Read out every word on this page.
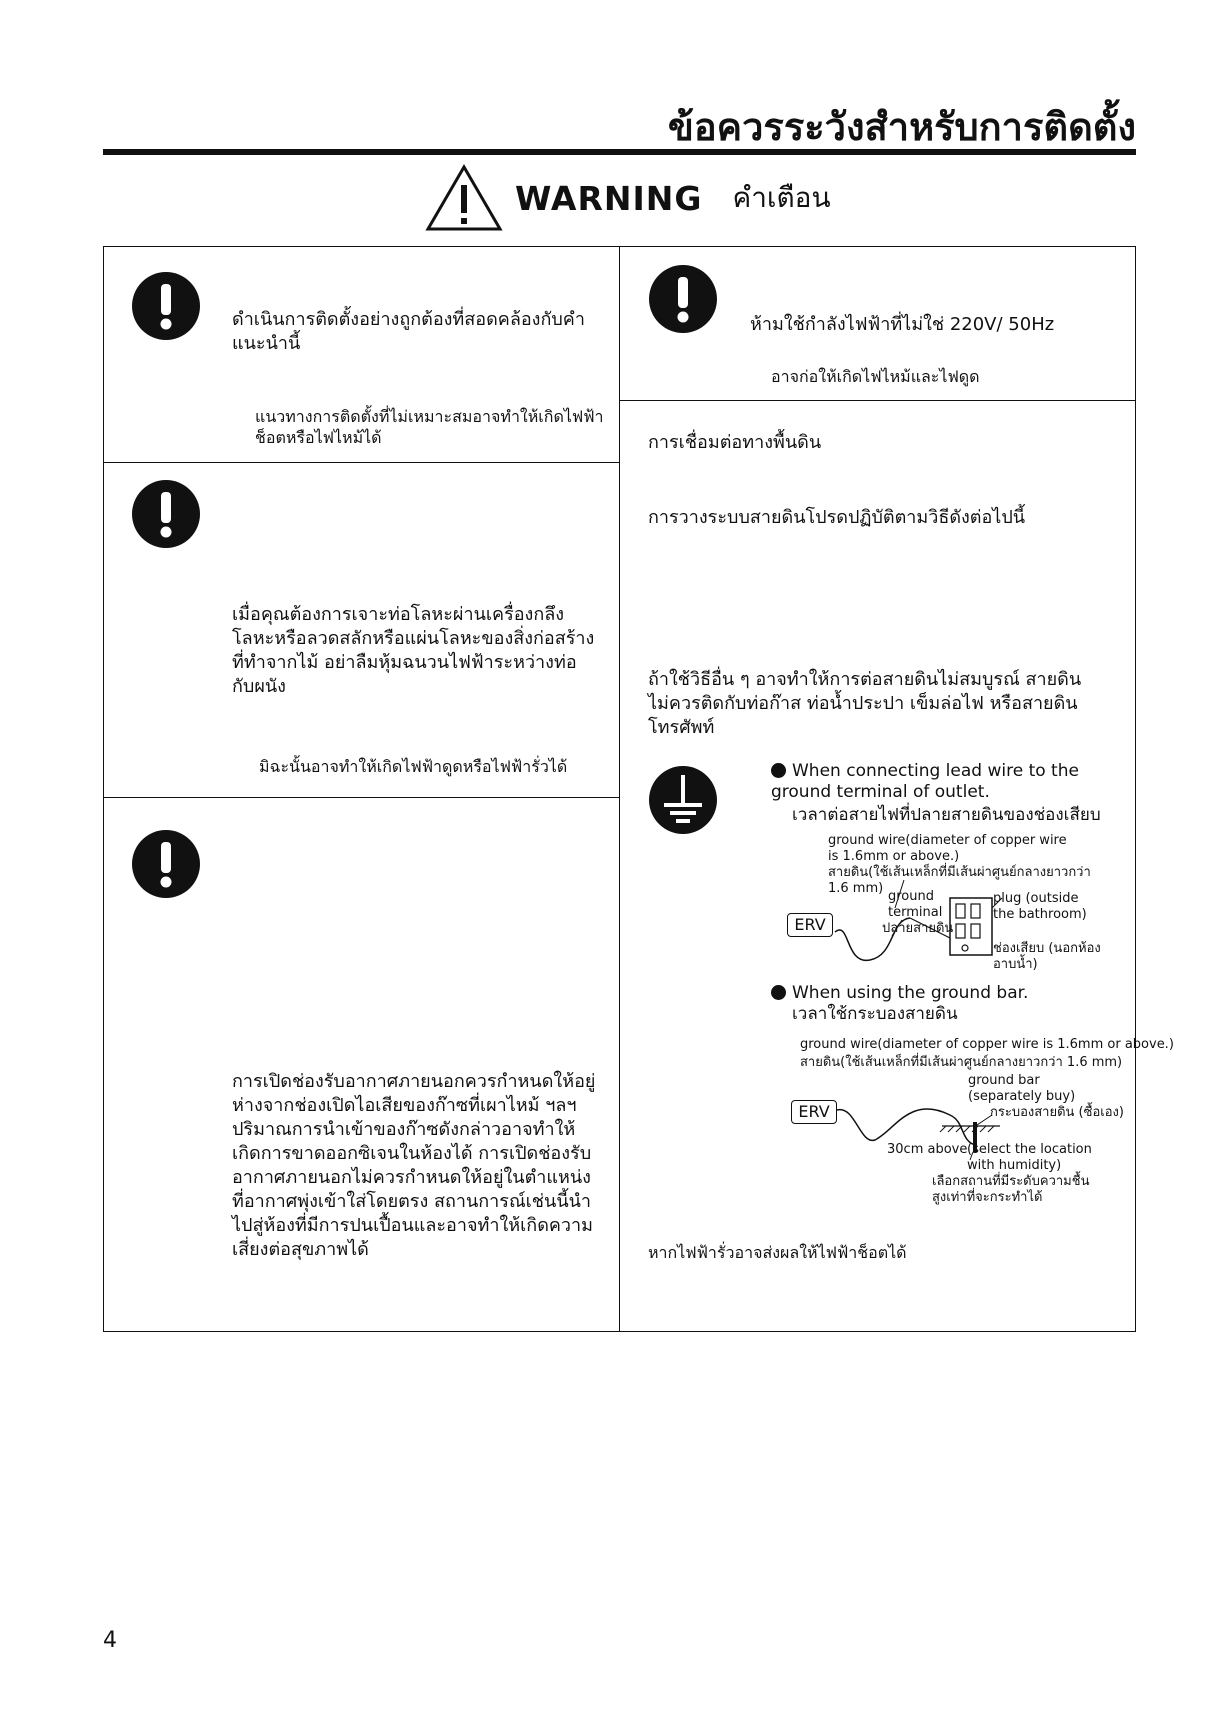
ข้อควรระวังสำหรับการติดตั้ง
WARNING คำเตือน
ดำเนินการติดตั้งอย่างถูกต้องที่สอดคล้องกับคำแนะนำนี้
แนวทางการติดตั้งที่ไม่เหมาะสมอาจทำให้เกิดไฟฟ้าช็อตหรือไฟไหม้ได้
เมื่อคุณต้องการเจาะท่อโลหะผ่านเครื่องกลึงโลหะหรือลวดสลักหรือแผ่นโลหะของสิ่งก่อสร้างที่ทำจากไม้ อย่าลืมหุ้มฉนวนไฟฟ้าระหว่างท่อกับผนัง
มิฉะนั้นอาจทำให้เกิดไฟฟ้าดูดหรือไฟฟ้ารั่วได้
การเปิดช่องรับอากาศภายนอกควรกำหนดให้อยู่ห่างจากช่องเปิดไอเสียของก๊าซที่เผาไหม้ ฯลฯ ปริมาณการนำเข้าของก๊าซดังกล่าวอาจทำให้เกิดการขาดออกซิเจนในห้องได้ การเปิดช่องรับอากาศภายนอกไม่ควรกำหนดให้อยู่ในตำแหน่งที่อากาศพุ่งเข้าใส่โดยตรง สถานการณ์เช่นนี้นำไปสู่ห้องที่มีการปนเปื้อนและอาจทำให้เกิดความเสี่ยงต่อสุขภาพได้
ห้ามใช้กำลังไฟฟ้าที่ไม่ใช่ 220V/ 50Hz
อาจก่อให้เกิดไฟไหม้และไฟดูด
การเชื่อมต่อทางพื้นดิน
การวางระบบสายดินโปรดปฏิบัติตามวิธีดังต่อไปนี้
ถ้าใช้วิธีอื่น ๆ อาจทำให้การต่อสายดินไม่สมบูรณ์ สายดินไม่ควรติดกับท่อก๊าส ท่อน้ำประปา เข็มล่อไฟ หรือสายดินโทรศัพท์
When connecting lead wire to the ground terminal of outlet.
เวลาต่อสายไฟที่ปลายสายดินของช่องเสียบ
ground wire(diameter of copper wire is 1.6mm or above.)
สายดิน(ใช้เส้นเหล็กที่มีเส้นผ่าศูนย์กลางยาวกว่า 1.6 mm)
ERV
ground terminal
ปลายสายดิน
plug (outside the bathroom)
ช่องเสียบ (นอกห้องอาบน้ำ)
When using the ground bar.
เวลาใช้กระบองสายดิน
ground wire(diameter of copper wire is 1.6mm or above.)
สายดิน(ใช้เส้นเหล็กที่มีเส้นผ่าศูนย์กลางยาวกว่า 1.6 mm)
ERV
ground bar (separately buy)
กระบองสายดิน (ซื้อเอง)
30cm above (select the location with humidity)
เลือกสถานที่มีระดับความชื้นสูงเท่าที่จะกระทำได้
หากไฟฟ้ารั่วอาจส่งผลให้ไฟฟ้าช็อตได้
4
